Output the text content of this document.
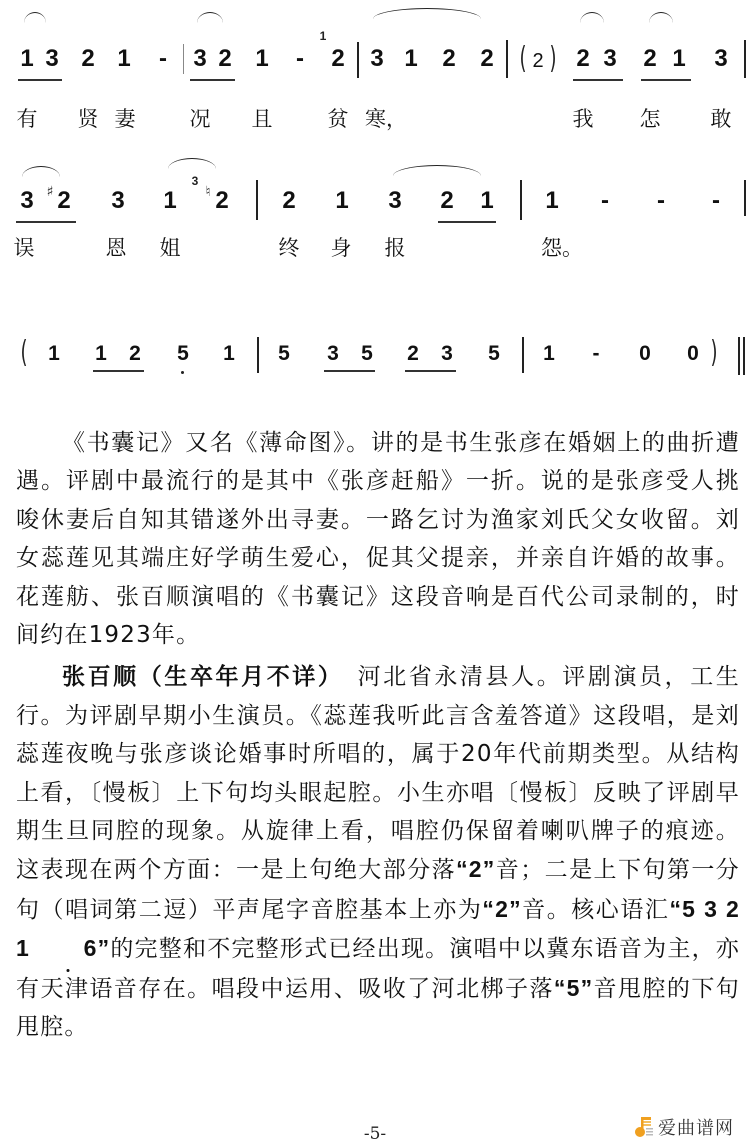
1 3 2 1 - 3 2 1 -
1
2 3 1 2 2 ( 2 ) 2 3 2 1 3
有 贤 妻	况 且	贫 寒，	我 怎 敢
3 ♯ 2 3 1
3
♮ 2 2 1 3 2 1 1 - - -
误	恩 姐	终 身 报	怨。
( 1 1 2 5 1 5 3 5 2 3 5 1 - 0 0 )

《书囊记》又名《薄命图》。讲的是书生张彦在婚姻上的曲折遭遇。评剧中最流行的是其中《张彦赶船》一折。说的是张彦受人挑唆休妻后自知其错遂外出寻妻。一路乞讨为渔家刘氏父女收留。刘女蕊莲见其端庄好学萌生爱心，促其父提亲，并亲自许婚的故事。花莲舫、张百顺演唱的《书囊记》这段音响是百代公司录制的，时间约在1923年。

张百顺（生卒年月不详）　河北省永清县人。评剧演员，工生行。为评剧早期小生演员。《蕊莲我听此言含羞答道》这段唱，是刘蕊莲夜晚与张彦谈论婚事时所唱的，属于20年代前期类型。从结构上看，〔慢板〕上下句均头眼起腔。小生亦唱〔慢板〕反映了评剧早期生旦同腔的现象。从旋律上看，唱腔仍保留着喇叭牌子的痕迹。这表现在两个方面：一是上句绝大部分落“2”音；二是上下句第一分句（唱词第二逗）平声尾字音腔基本上亦为“2”音。核心语汇“5 3 2 1 6”的完整和不完整形式已经出现。演唱中以冀东语音为主，亦有天津语音存在。唱段中运用、吸收了河北梆子落“5”音甩腔的下句甩腔。

-5-	爱曲谱网
